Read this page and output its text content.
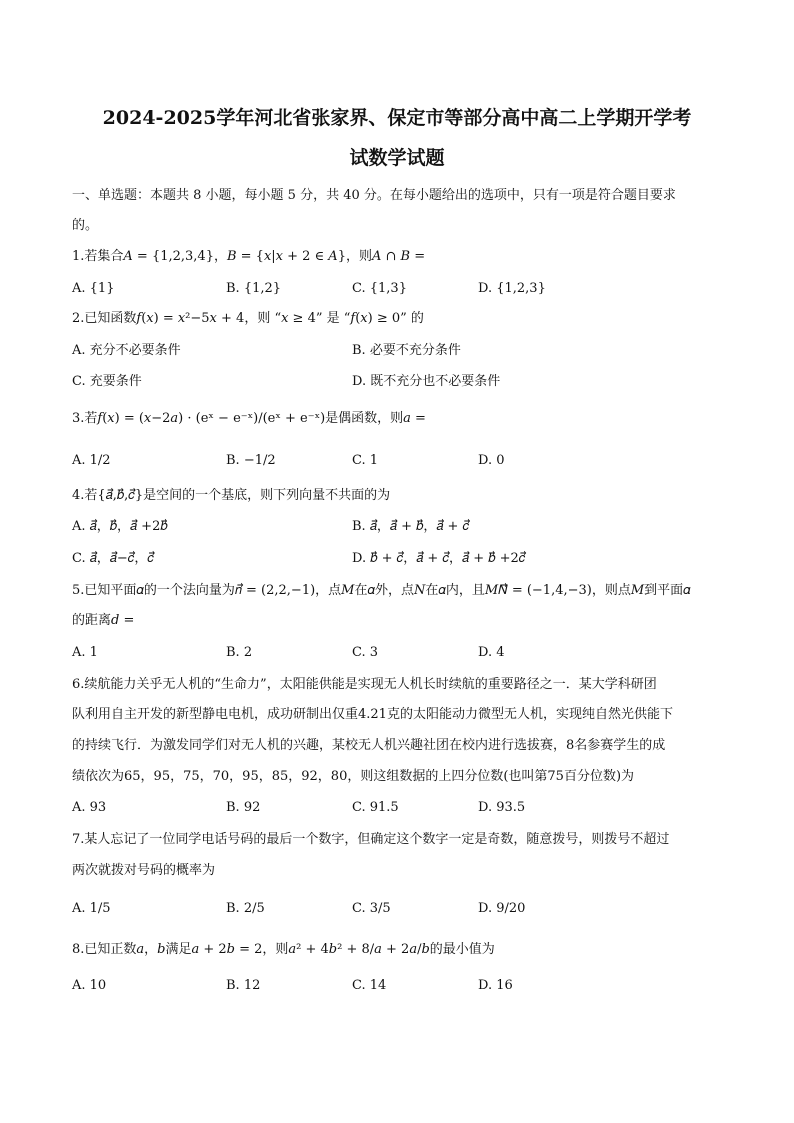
2024-2025学年河北省张家界、保定市等部分高中高二上学期开学考
试数学试题
一、单选题：本题共 8 小题，每小题 5 分，共 40 分。在每小题给出的选项中，只有一项是符合题目要求
的。
1.若集合𝐴 = {1,2,3,4}，𝐵 = {𝑥|𝑥 + 2 ∈ 𝐴}，则𝐴 ∩ 𝐵 =
A. {1}	B. {1,2}	C. {1,3}	D. {1,2,3}
2.已知函数𝑓(𝑥) = 𝑥²−5𝑥 + 4，则 “𝑥 ≥ 4” 是 “𝑓(𝑥) ≥ 0” 的
A. 充分不必要条件	B. 必要不充分条件
C. 充要条件	D. 既不充分也不必要条件
3.若𝑓(𝑥) = (𝑥−2𝑎) · (eˣ − e⁻ˣ)/(eˣ + e⁻ˣ)是偶函数，则𝑎 =
A. 1/2	B. −1/2	C. 1	D. 0
4.若{𝑎⃗,𝑏⃗,𝑐⃗}是空间的一个基底，则下列向量不共面的为
A. 𝑎⃗，𝑏⃗，𝑎⃗ +2𝑏⃗	B. 𝑎⃗，𝑎⃗ + 𝑏⃗，𝑎⃗ + 𝑐⃗
C. 𝑎⃗，𝑎⃗−𝑐⃗，𝑐⃗	D. 𝑏⃗ + 𝑐⃗，𝑎⃗ + 𝑐⃗，𝑎⃗ + 𝑏⃗ +2𝑐⃗
5.已知平面𝛼的一个法向量为𝑛⃗ = (2,2,−1)，点𝑀在𝛼外，点𝑁在𝛼内，且𝑀𝑁⃗ = (−1,4,−3)，则点𝑀到平面𝛼
的距离𝑑 =
A. 1	B. 2	C. 3	D. 4
6.续航能力关乎无人机的“生命力”，太阳能供能是实现无人机长时续航的重要路径之一．某大学科研团
队利用自主开发的新型静电电机，成功研制出仅重4.21克的太阳能动力微型无人机，实现纯自然光供能下
的持续飞行．为激发同学们对无人机的兴趣，某校无人机兴趣社团在校内进行选拔赛，8名参赛学生的成
绩依次为65，95，75，70，95，85，92，80，则这组数据的上四分位数(也叫第75百分位数)为
A. 93	B. 92	C. 91.5	D. 93.5
7.某人忘记了一位同学电话号码的最后一个数字，但确定这个数字一定是奇数，随意拨号，则拨号不超过
两次就拨对号码的概率为
A. 1/5	B. 2/5	C. 3/5	D. 9/20
8.已知正数𝑎，𝑏满足𝑎 + 2𝑏 = 2，则𝑎² + 4𝑏² + 8/𝑎 + 2𝑎/𝑏的最小值为
A. 10	B. 12	C. 14	D. 16
